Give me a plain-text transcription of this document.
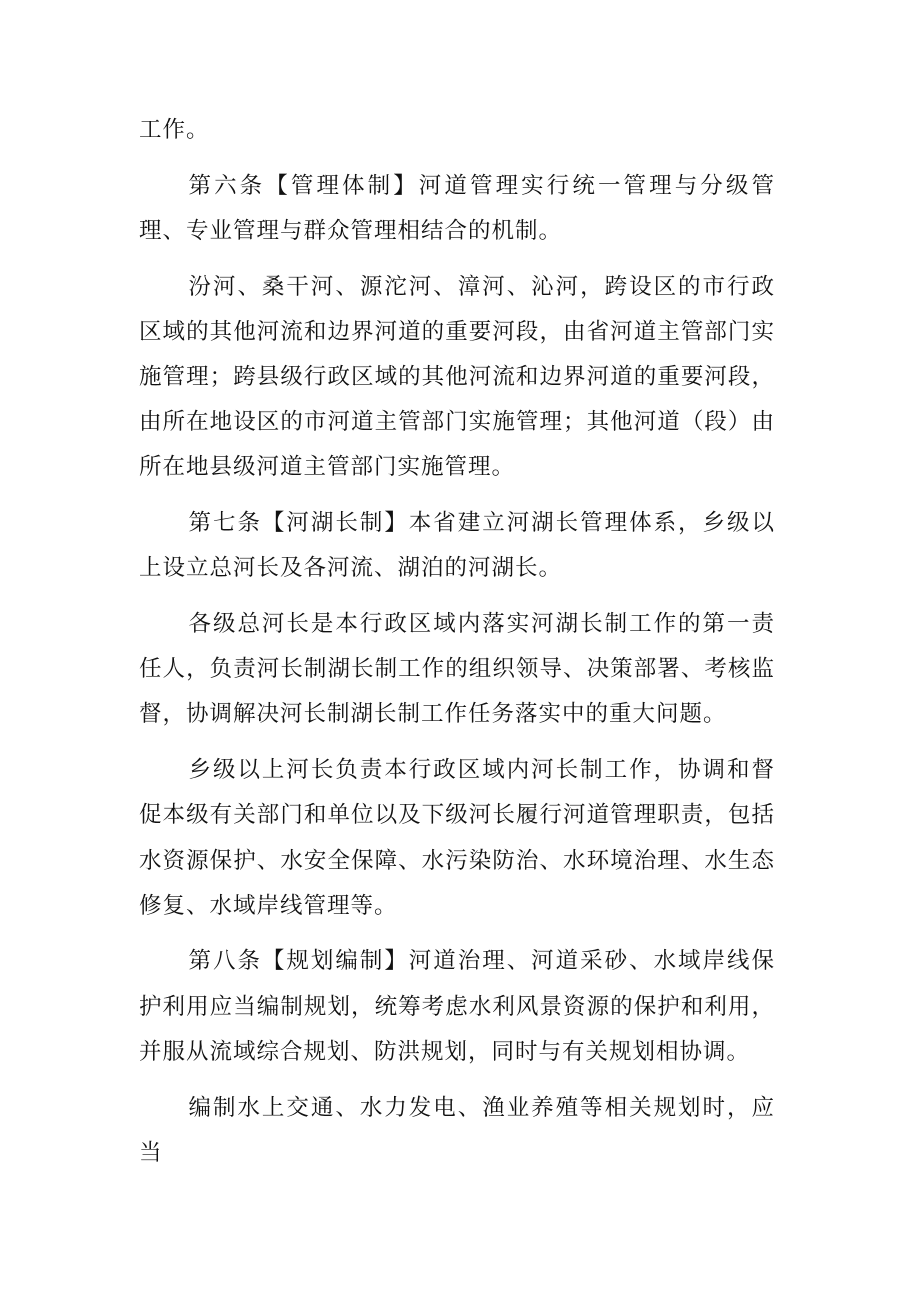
工作。

第六条【管理体制】河道管理实行统一管理与分级管理、专业管理与群众管理相结合的机制。

汾河、桑干河、源沱河、漳河、沁河，跨设区的市行政区域的其他河流和边界河道的重要河段，由省河道主管部门实施管理；跨县级行政区域的其他河流和边界河道的重要河段，由所在地设区的市河道主管部门实施管理；其他河道（段）由所在地县级河道主管部门实施管理。

第七条【河湖长制】本省建立河湖长管理体系，乡级以上设立总河长及各河流、湖泊的河湖长。

各级总河长是本行政区域内落实河湖长制工作的第一责任人，负责河长制湖长制工作的组织领导、决策部署、考核监督，协调解决河长制湖长制工作任务落实中的重大问题。

乡级以上河长负责本行政区域内河长制工作，协调和督促本级有关部门和单位以及下级河长履行河道管理职责，包括水资源保护、水安全保障、水污染防治、水环境治理、水生态修复、水域岸线管理等。

第八条【规划编制】河道治理、河道采砂、水域岸线保护利用应当编制规划，统筹考虑水利风景资源的保护和利用，并服从流域综合规划、防洪规划，同时与有关规划相协调。

编制水上交通、水力发电、渔业养殖等相关规划时，应当
